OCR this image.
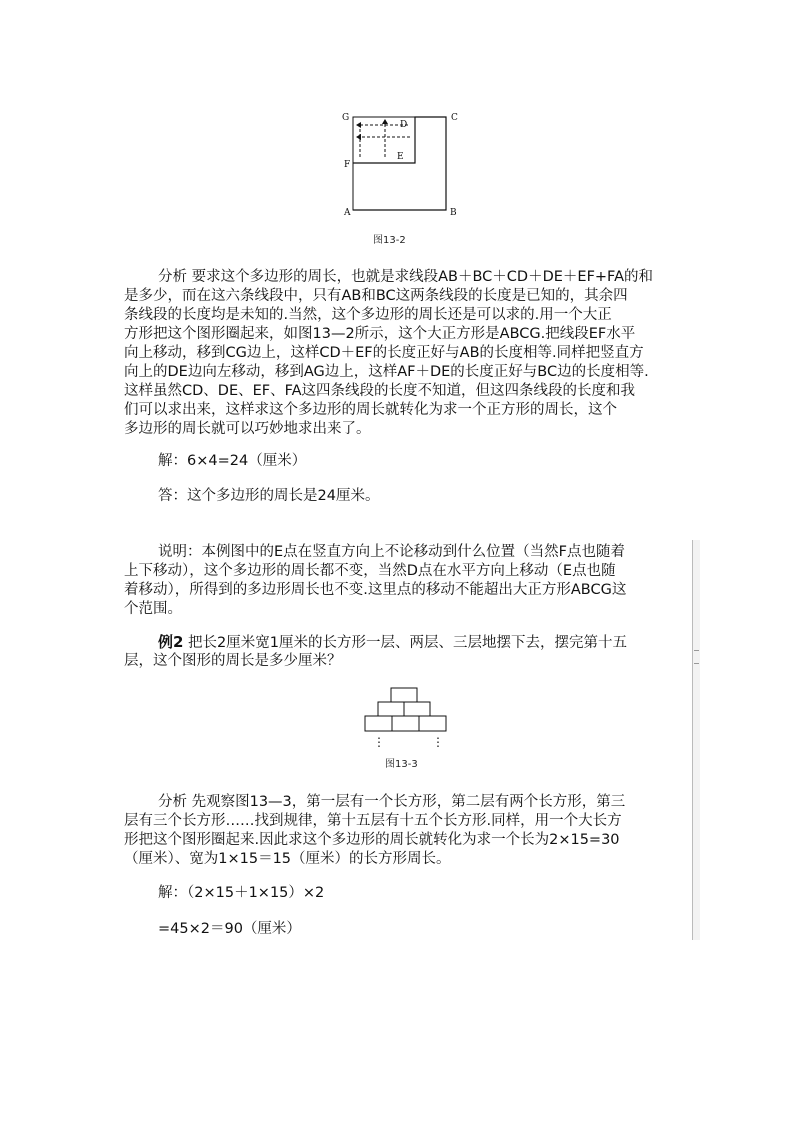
G	C
D
E
F
A	B
图13-2

分析 要求这个多边形的周长，也就是求线段AB＋BC＋CD＋DE＋EF+FA的和

是多少，而在这六条线段中，只有AB和BC这两条线段的长度是已知的，其余四

条线段的长度均是未知的.当然，这个多边形的周长还是可以求的.用一个大正

方形把这个图形圈起来，如图13—2所示，这个大正方形是ABCG.把线段EF水平

向上移动，移到CG边上，这样CD＋EF的长度正好与AB的长度相等.同样把竖直方

向上的DE边向左移动，移到AG边上，这样AF＋DE的长度正好与BC边的长度相等.

这样虽然CD、DE、EF、FA这四条线段的长度不知道，但这四条线段的长度和我

们可以求出来，这样求这个多边形的周长就转化为求一个正方形的周长，这个

多边形的周长就可以巧妙地求出来了。

解：6×4=24（厘米）

答：这个多边形的周长是24厘米。

说明：本例图中的E点在竖直方向上不论移动到什么位置（当然F点也随着

上下移动），这个多边形的周长都不变，当然D点在水平方向上移动（E点也随

着移动），所得到的多边形周长也不变.这里点的移动不能超出大正方形ABCG这

个范围。

例2 把长2厘米宽1厘米的长方形一层、两层、三层地摆下去，摆完第十五

层，这个图形的周长是多少厘米？

⋮	⋮
图13-3

分析 先观察图13—3，第一层有一个长方形，第二层有两个长方形，第三

层有三个长方形……找到规律，第十五层有十五个长方形.同样，用一个大长方

形把这个图形圈起来.因此求这个多边形的周长就转化为求一个长为2×15=30

（厘米）、宽为1×15＝15（厘米）的长方形周长。

解：（2×15＋1×15）×2

=45×2＝90（厘米）
